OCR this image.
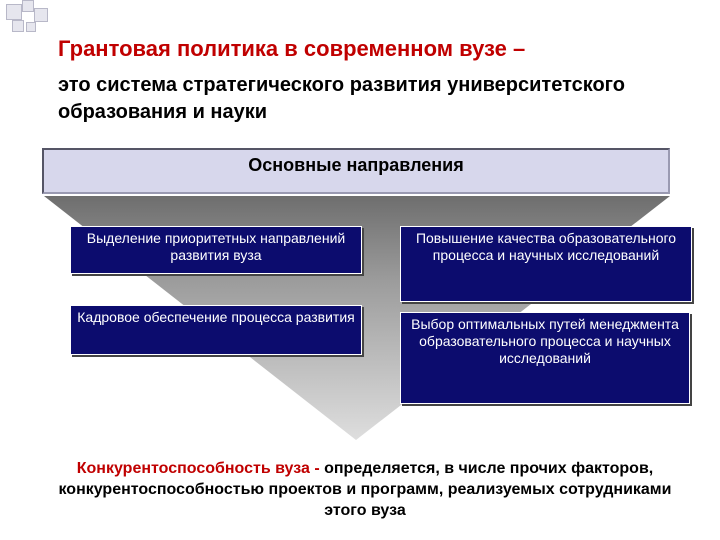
Грантовая политика в современном вузе –
это система стратегического развития университетского образования и науки
Основные направления
Выделение приоритетных направлений развития вуза
Повышение качества образовательного процесса и научных исследований
Кадровое обеспечение процесса развития	Выбор оптимальных путей менеджмента образовательного процесса и научных исследований
Конкурентоспособность вуза - определяется, в числе прочих факторов, конкурентоспособностью проектов и программ, реализуемых сотрудниками этого вуза
